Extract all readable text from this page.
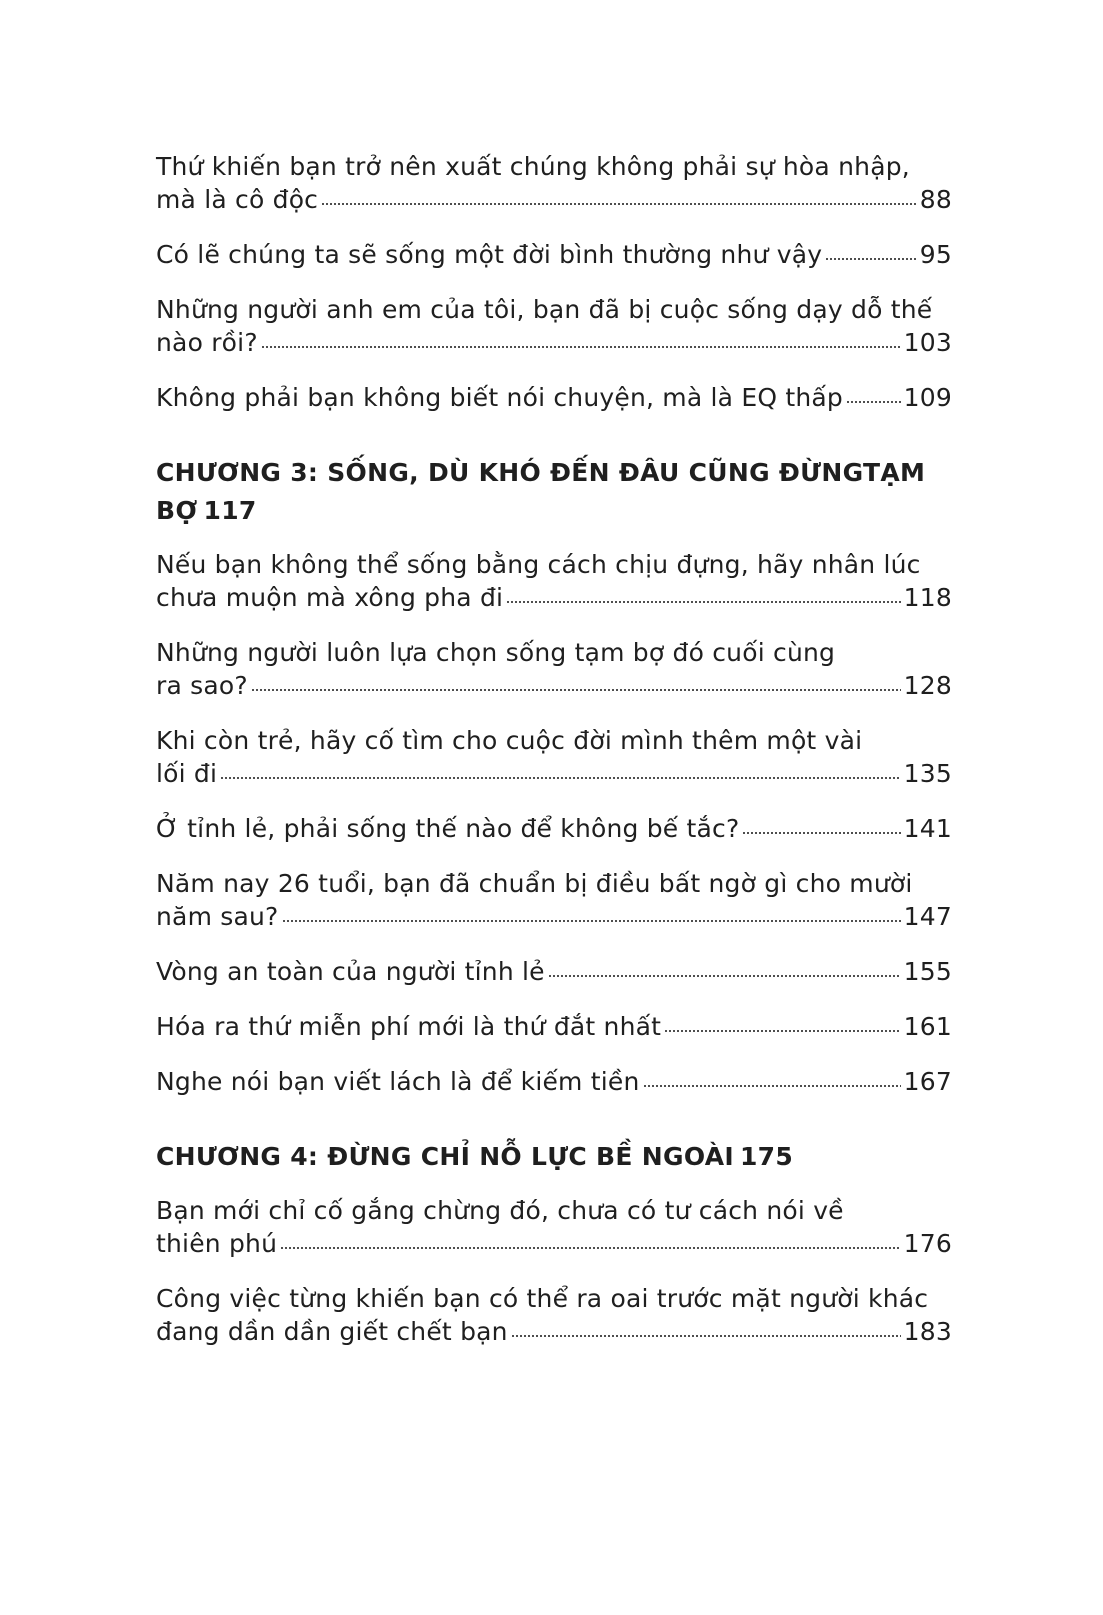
Thứ khiến bạn trở nên xuất chúng không phải sự hòa nhập,
mà là cô độc	88
Có lẽ chúng ta sẽ sống một đời bình thường như vậy	95
Những người anh em của tôi, bạn đã bị cuộc sống dạy dỗ thế
nào rồi?	103
Không phải bạn không biết nói chuyện, mà là EQ thấp 109
CHƯƠNG 3: SỐNG, DÙ KHÓ ĐẾN ĐÂU CŨNG ĐỪNGTẠM BỢ 117
Nếu bạn không thể sống bằng cách chịu đựng, hãy nhân lúc
chưa muộn mà xông pha đi	118
Những người luôn lựa chọn sống tạm bợ đó cuối cùng
ra sao?	128
Khi còn trẻ, hãy cố tìm cho cuộc đời mình thêm một vài
lối đi	135
Ở tỉnh lẻ, phải sống thế nào để không bế tắc?	141
Năm nay 26 tuổi, bạn đã chuẩn bị điều bất ngờ gì cho mười
năm sau?	147
Vòng an toàn của người tỉnh lẻ	155
Hóa ra thứ miễn phí mới là thứ đắt nhất	161
Nghe nói bạn viết lách là để kiếm tiền	167
CHƯƠNG 4: ĐỪNG CHỈ NỖ LỰC BỀ NGOÀI 175
Bạn mới chỉ cố gắng chừng đó, chưa có tư cách nói về
thiên phú	176
Công việc từng khiến bạn có thể ra oai trước mặt người khác
đang dần dần giết chết bạn	183
